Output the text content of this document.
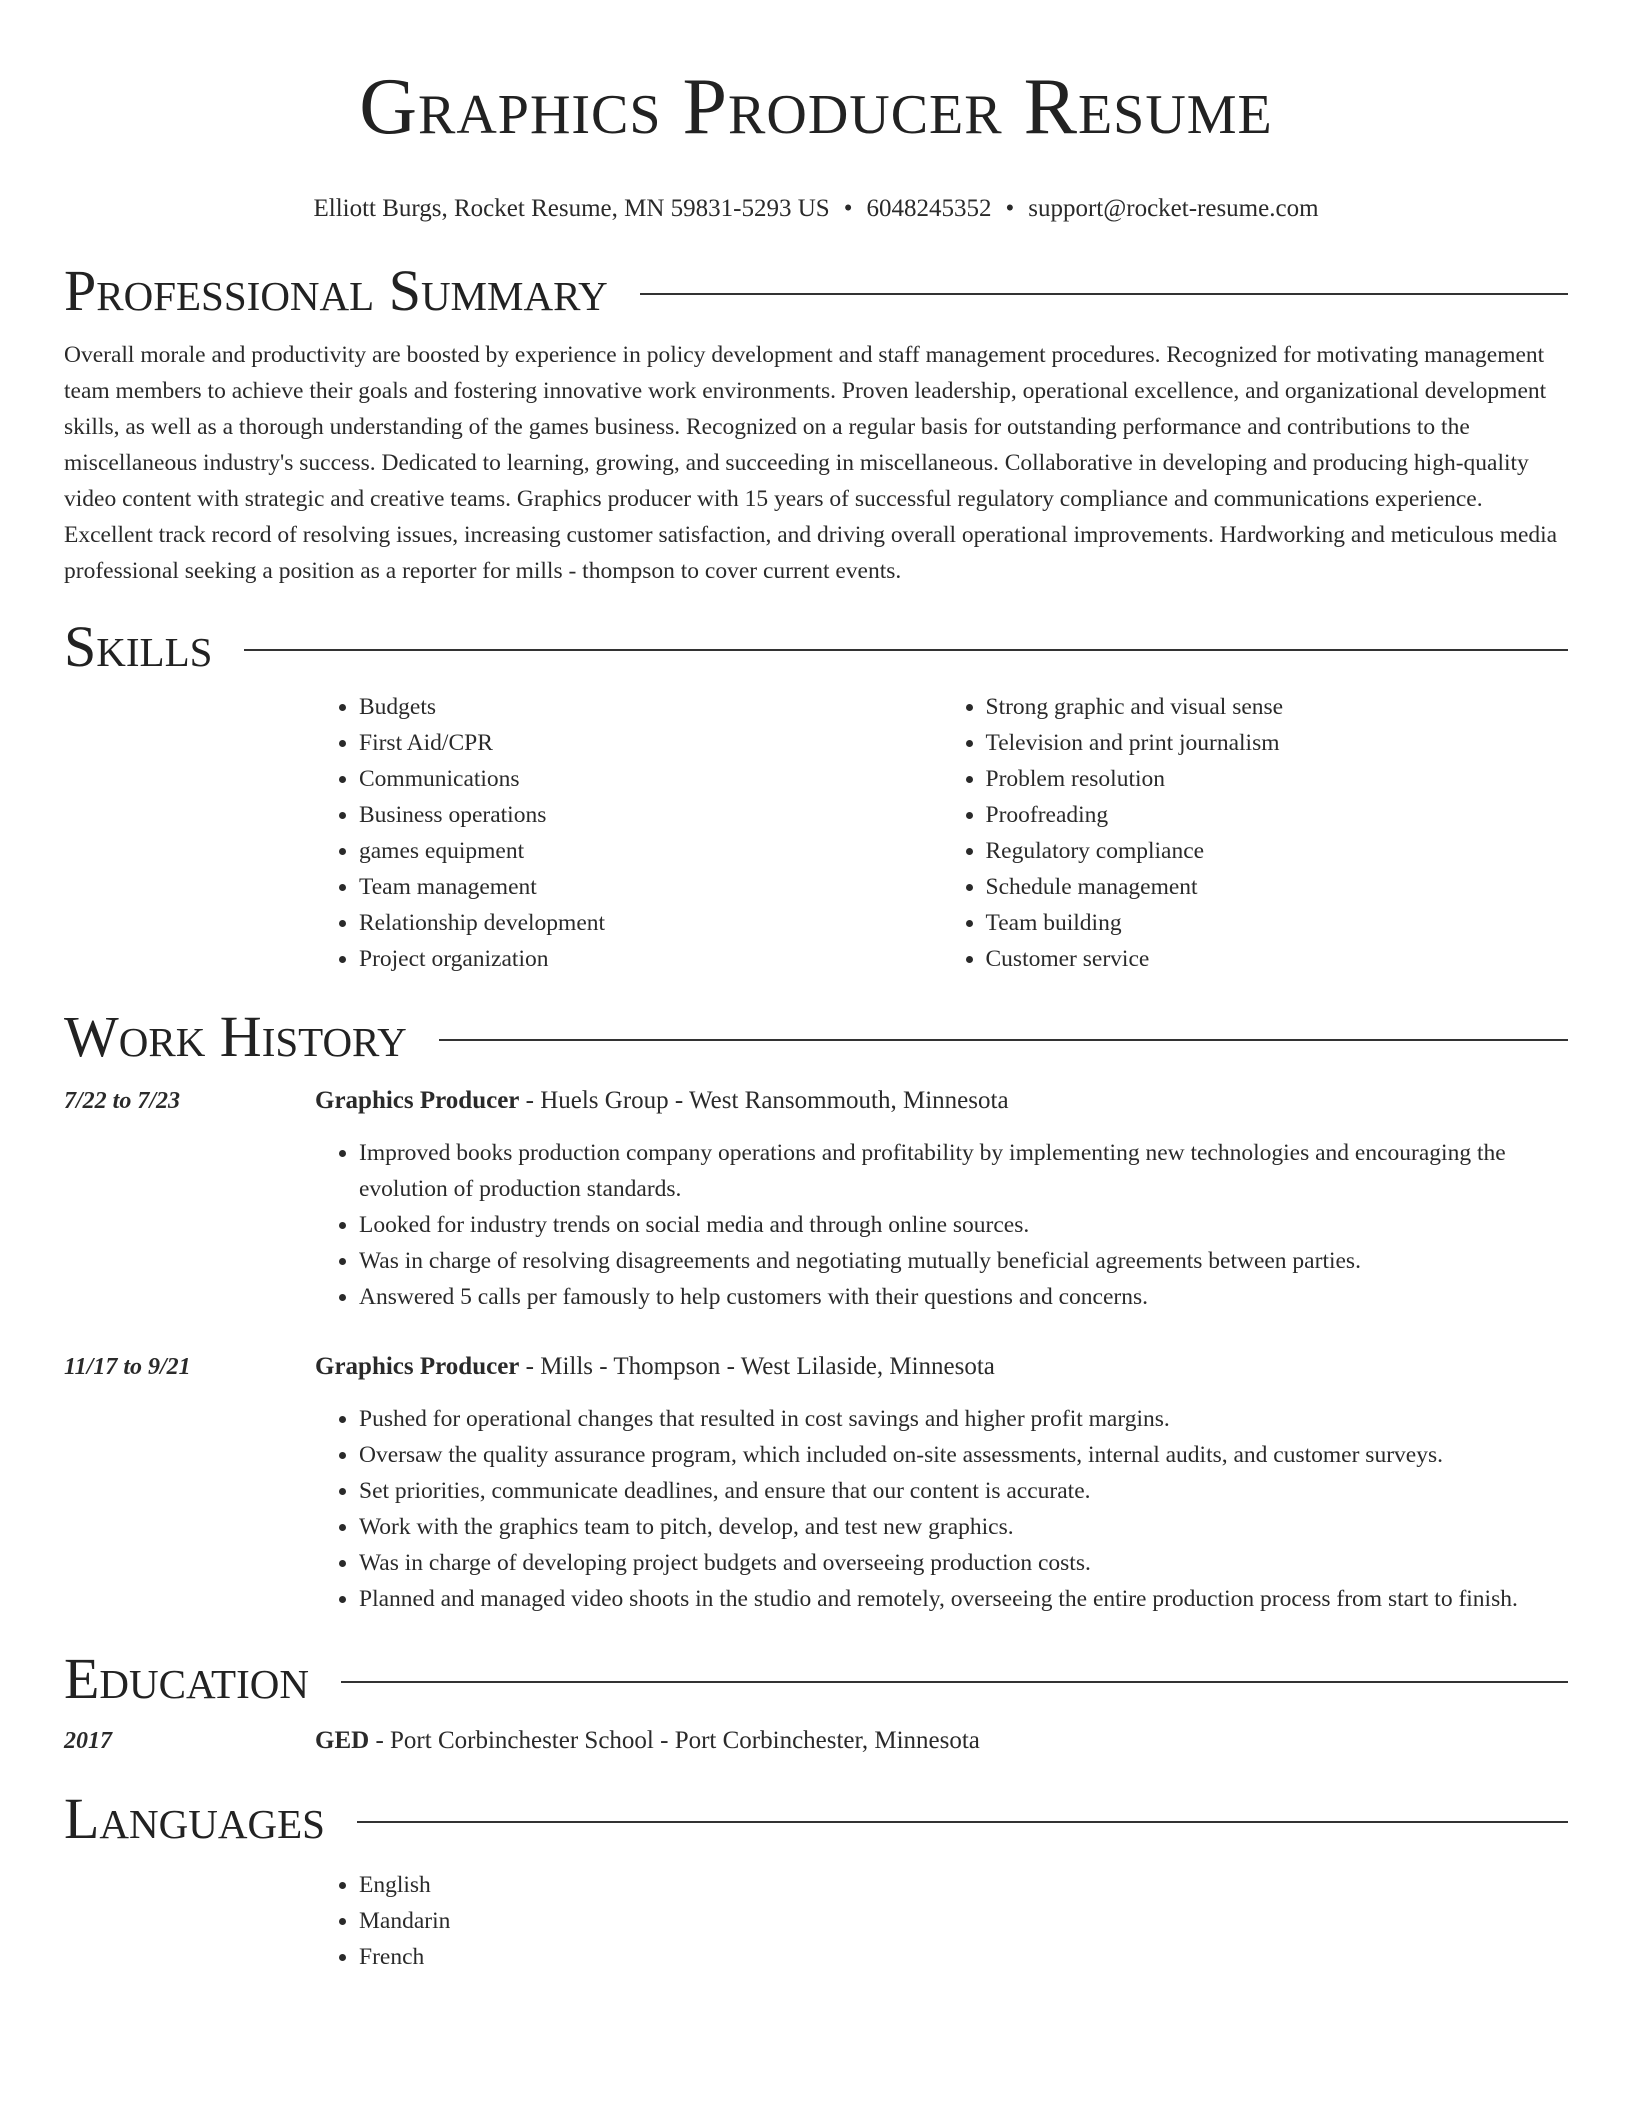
Graphics Producer Resume
Elliott Burgs, Rocket Resume, MN 59831-5293 US • 6048245352 • support@rocket-resume.com
Professional Summary

Overall morale and productivity are boosted by experience in policy development and staff management procedures. Recognized for motivating management team members to achieve their goals and fostering innovative work environments. Proven leadership, operational excellence, and organizational development skills, as well as a thorough understanding of the games business. Recognized on a regular basis for outstanding performance and contributions to the miscellaneous industry's success. Dedicated to learning, growing, and succeeding in miscellaneous. Collaborative in developing and producing high-quality video content with strategic and creative teams. Graphics producer with 15 years of successful regulatory compliance and communications experience. Excellent track record of resolving issues, increasing customer satisfaction, and driving overall operational improvements. Hardworking and meticulous media professional seeking a position as a reporter for mills - thompson to cover current events.

Skills
• Budgets
• First Aid/CPR
• Communications
• Business operations
• games equipment
• Team management
• Relationship development
• Project organization
• Strong graphic and visual sense
• Television and print journalism
• Problem resolution
• Proofreading
• Regulatory compliance
• Schedule management
• Team building
• Customer service
Work History
7/22 to 7/23	Graphics Producer - Huels Group - West Ransommouth, Minnesota
• Improved books production company operations and profitability by implementing new technologies and encouraging the evolution of production standards.
• Looked for industry trends on social media and through online sources.
• Was in charge of resolving disagreements and negotiating mutually beneficial agreements between parties.
• Answered 5 calls per famously to help customers with their questions and concerns.
11/17 to 9/21	Graphics Producer - Mills - Thompson - West Lilaside, Minnesota
• Pushed for operational changes that resulted in cost savings and higher profit margins.
• Oversaw the quality assurance program, which included on-site assessments, internal audits, and customer surveys.
• Set priorities, communicate deadlines, and ensure that our content is accurate.
• Work with the graphics team to pitch, develop, and test new graphics.
• Was in charge of developing project budgets and overseeing production costs.
• Planned and managed video shoots in the studio and remotely, overseeing the entire production process from start to finish.
Education
2017	GED - Port Corbinchester School - Port Corbinchester, Minnesota
Languages
• English
• Mandarin
• French
